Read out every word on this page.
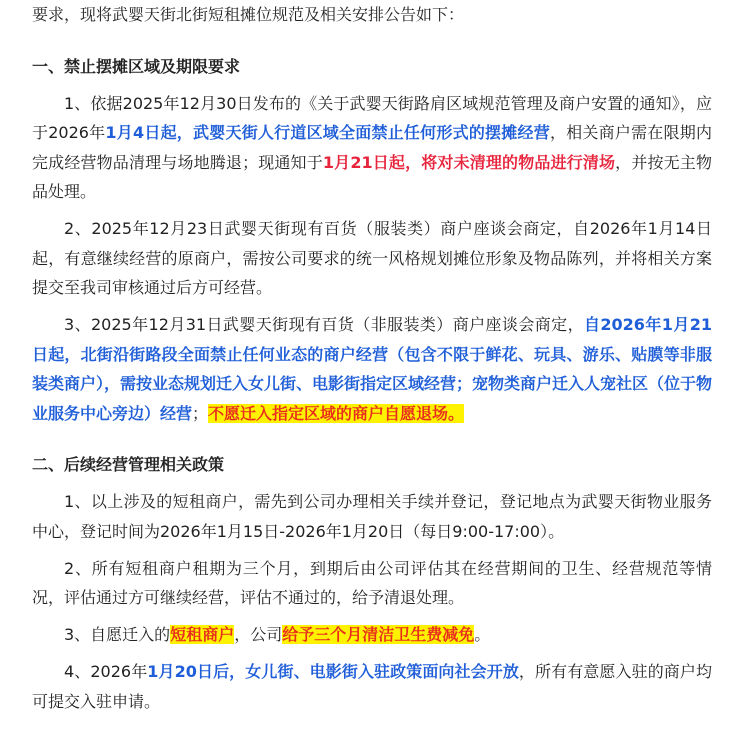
要求，现将武婴天街北街短租摊位规范及相关安排公告如下：

一、禁止摆摊区域及期限要求

1、依据2025年12月30日发布的《关于武婴天街路肩区域规范管理及商户安置的通知》，应于2026年1月4日起，武婴天街人行道区域全面禁止任何形式的摆摊经营，相关商户需在限期内完成经营物品清理与场地腾退；现通知于1月21日起，将对未清理的物品进行清场，并按无主物品处理。

2、2025年12月23日武婴天街现有百货（服装类）商户座谈会商定，自2026年1月14日起，有意继续经营的原商户，需按公司要求的统一风格规划摊位形象及物品陈列，并将相关方案提交至我司审核通过后方可经营。

3、2025年12月31日武婴天街现有百货（非服装类）商户座谈会商定，自2026年1月21日起，北街沿街路段全面禁止任何业态的商户经营（包含不限于鲜花、玩具、游乐、贴膜等非服装类商户），需按业态规划迁入女儿街、电影街指定区域经营；宠物类商户迁入人宠社区（位于物业服务中心旁边）经营；不愿迁入指定区域的商户自愿退场。

二、后续经营管理相关政策

1、以上涉及的短租商户，需先到公司办理相关手续并登记，登记地点为武婴天街物业服务中心，登记时间为2026年1月15日-2026年1月20日（每日9:00-17:00）。

2、所有短租商户租期为三个月，到期后由公司评估其在经营期间的卫生、经营规范等情况，评估通过方可继续经营，评估不通过的，给予清退处理。

3、自愿迁入的短租商户，公司给予三个月清洁卫生费减免。

4、2026年1月20日后，女儿街、电影街入驻政策面向社会开放，所有有意愿入驻的商户均可提交入驻申请。
